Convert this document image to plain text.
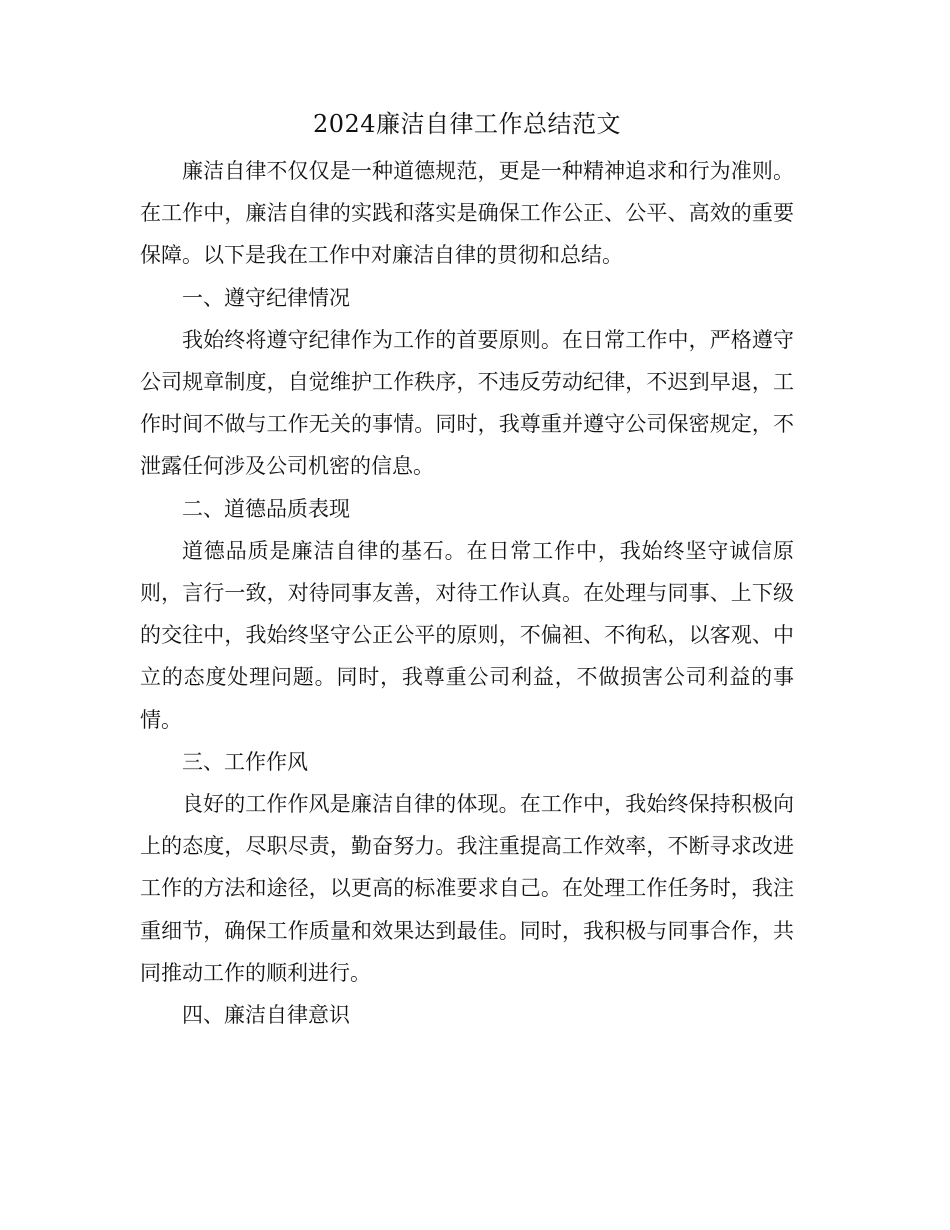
2024廉洁自律工作总结范文

廉洁自律不仅仅是一种道德规范，更是一种精神追求和行为准则。在工作中，廉洁自律的实践和落实是确保工作公正、公平、高效的重要保障。以下是我在工作中对廉洁自律的贯彻和总结。

一、遵守纪律情况

我始终将遵守纪律作为工作的首要原则。在日常工作中，严格遵守公司规章制度，自觉维护工作秩序，不违反劳动纪律，不迟到早退，工作时间不做与工作无关的事情。同时，我尊重并遵守公司保密规定，不泄露任何涉及公司机密的信息。

二、道德品质表现

道德品质是廉洁自律的基石。在日常工作中，我始终坚守诚信原则，言行一致，对待同事友善，对待工作认真。在处理与同事、上下级的交往中，我始终坚守公正公平的原则，不偏袒、不徇私，以客观、中立的态度处理问题。同时，我尊重公司利益，不做损害公司利益的事情。

三、工作作风

良好的工作作风是廉洁自律的体现。在工作中，我始终保持积极向上的态度，尽职尽责，勤奋努力。我注重提高工作效率，不断寻求改进工作的方法和途径，以更高的标准要求自己。在处理工作任务时，我注重细节，确保工作质量和效果达到最佳。同时，我积极与同事合作，共同推动工作的顺利进行。

四、廉洁自律意识
